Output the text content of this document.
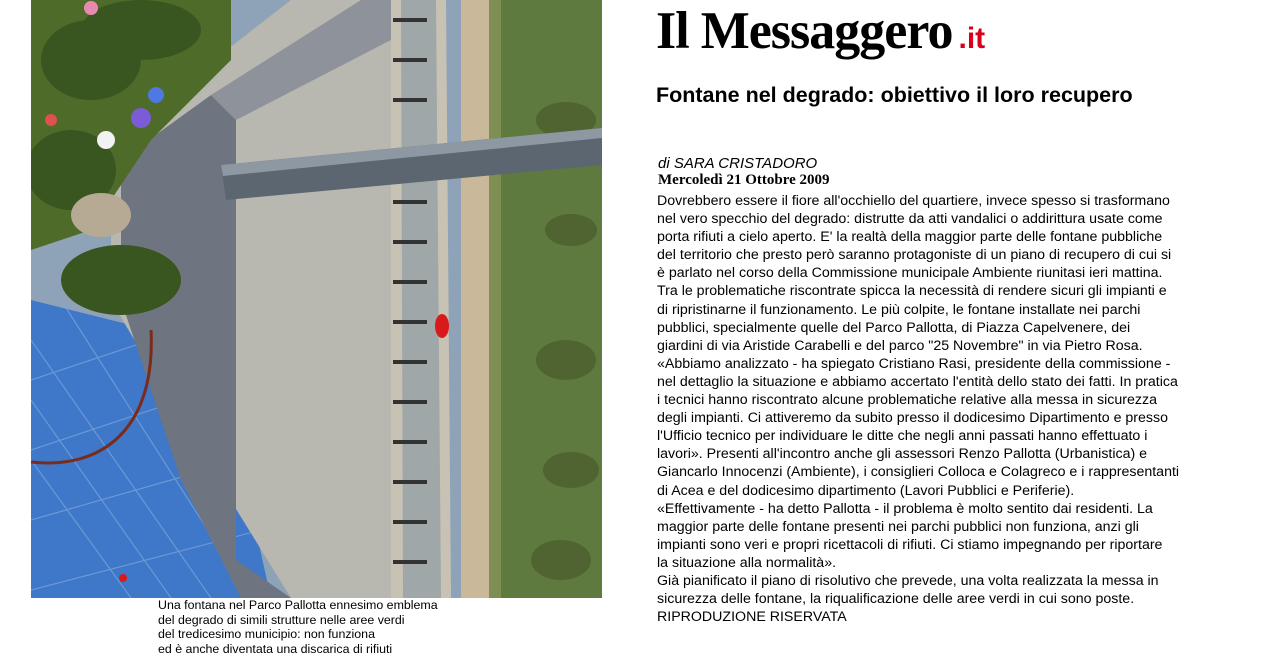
Una fontana nel Parco Pallotta ennesimo emblema
del degrado di simili strutture nelle aree verdi
del tredicesimo municipio: non funziona
ed è anche diventata una discarica di rifiuti
Il Messaggero .it
Fontane nel degrado: obiettivo il loro recupero
di SARA CRISTADORO
Mercoledì 21 Ottobre 2009
Dovrebbero essere il fiore all'occhiello del quartiere, invece spesso si trasformano
nel vero specchio del degrado: distrutte da atti vandalici o addirittura usate come
porta rifiuti a cielo aperto. E' la realtà della maggior parte delle fontane pubbliche
del territorio che presto però saranno protagoniste di un piano di recupero di cui si
è parlato nel corso della Commissione municipale Ambiente riunitasi ieri mattina.
Tra le problematiche riscontrate spicca la necessità di rendere sicuri gli impianti e
di ripristinarne il funzionamento. Le più colpite, le fontane installate nei parchi
pubblici, specialmente quelle del Parco Pallotta, di Piazza Capelvenere, dei
giardini di via Aristide Carabelli e del parco "25 Novembre" in via Pietro Rosa.
«Abbiamo analizzato - ha spiegato Cristiano Rasi, presidente della commissione -
nel dettaglio la situazione e abbiamo accertato l'entità dello stato dei fatti. In pratica
i tecnici hanno riscontrato alcune problematiche relative alla messa in sicurezza
degli impianti. Ci attiveremo da subito presso il dodicesimo Dipartimento e presso
l'Ufficio tecnico per individuare le ditte che negli anni passati hanno effettuato i
lavori». Presenti all'incontro anche gli assessori Renzo Pallotta (Urbanistica) e
Giancarlo Innocenzi (Ambiente), i consiglieri Colloca e Colagreco e i rappresentanti
di Acea e del dodicesimo dipartimento (Lavori Pubblici e Periferie).
«Effettivamente - ha detto Pallotta - il problema è molto sentito dai residenti. La
maggior parte delle fontane presenti nei parchi pubblici non funziona, anzi gli
impianti sono veri e propri ricettacoli di rifiuti. Ci stiamo impegnando per riportare
la situazione alla normalità».
Già pianificato il piano di risolutivo che prevede, una volta realizzata la messa in
sicurezza delle fontane, la riqualificazione delle aree verdi in cui sono poste.
RIPRODUZIONE RISERVATA
